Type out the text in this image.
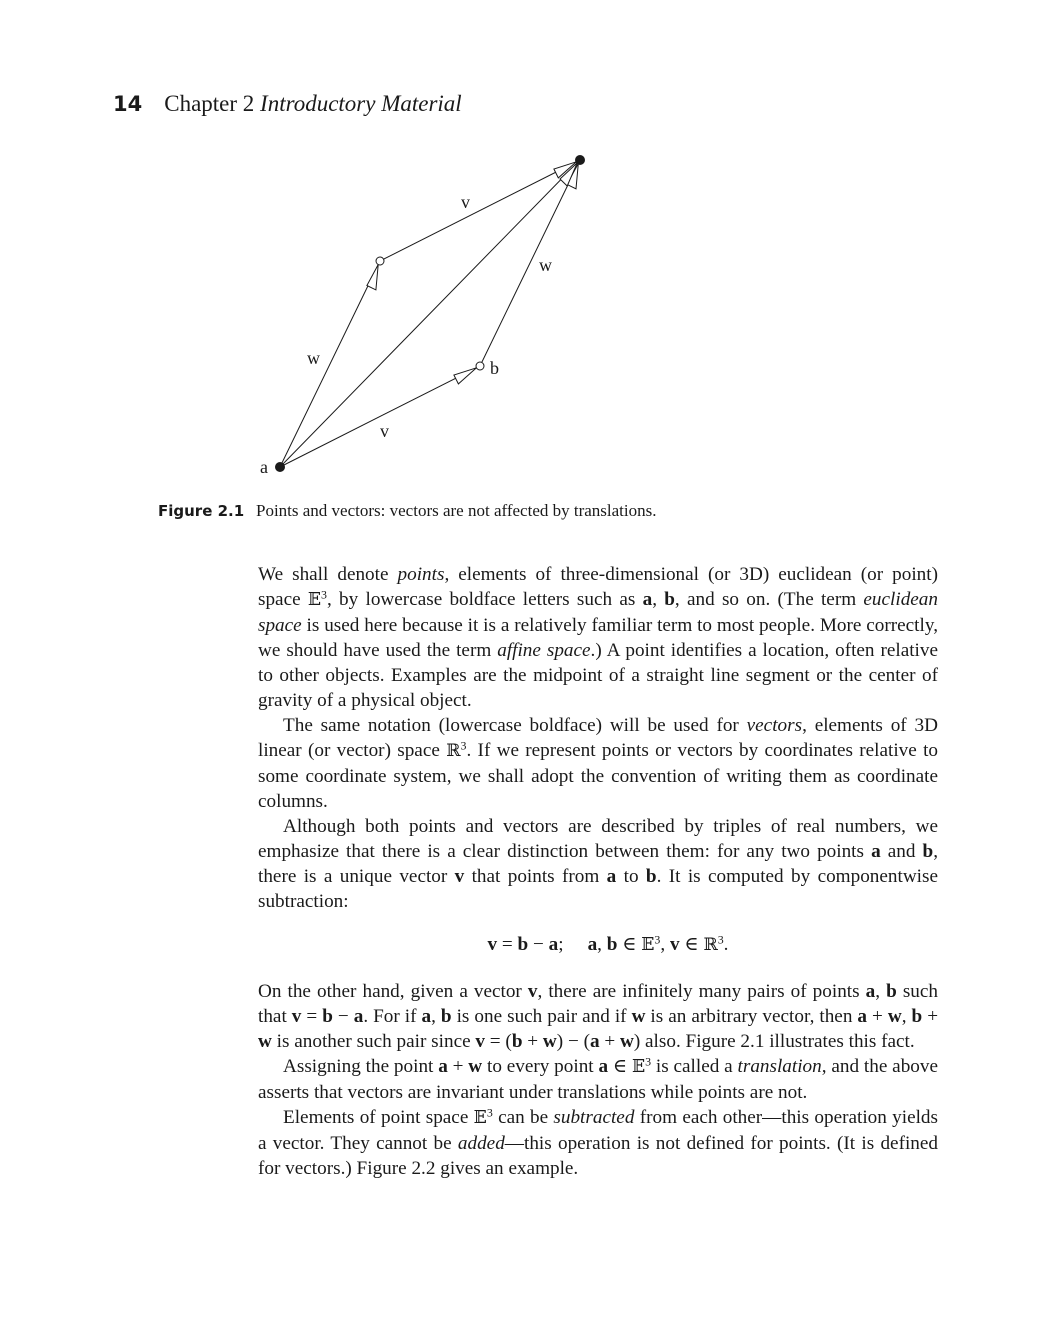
14 Chapter 2 Introductory Material
v
w
w	b
v
a
Figure 2.1 Points and vectors: vectors are not affected by translations.

We shall denote points, elements of three-dimensional (or 3D) euclidean (or point) space 𝔼$^3$, by lowercase boldface letters such as a, b, and so on. (The term euclidean space is used here because it is a relatively familiar term to most people. More correctly, we should have used the term affine space.) A point identifies a location, often relative to other objects. Examples are the midpoint of a straight line segment or the center of gravity of a physical object.

The same notation (lowercase boldface) will be used for vectors, elements of 3D linear (or vector) space ℝ$^3$. If we represent points or vectors by coordinates relative to some coordinate system, we shall adopt the convention of writing them as coordinate columns.

Although both points and vectors are described by triples of real numbers, we emphasize that there is a clear distinction between them: for any two points a and b, there is a unique vector v that points from a to b. It is computed by componentwise subtraction:

v = b − a;     a, b ∈ 𝔼$^3$, v ∈ ℝ$^3$.

On the other hand, given a vector v, there are infinitely many pairs of points a, b such that v = b − a. For if a, b is one such pair and if w is an arbitrary vector, then a + w, b + w is another such pair since v = (b + w) − (a + w) also. Figure 2.1 illustrates this fact.

Assigning the point a + w to every point a ∈ 𝔼$^3$ is called a translation, and the above asserts that vectors are invariant under translations while points are not.

Elements of point space 𝔼$^3$ can be subtracted from each other—this operation yields a vector. They cannot be added—this operation is not defined for points. (It is defined for vectors.) Figure 2.2 gives an example.
